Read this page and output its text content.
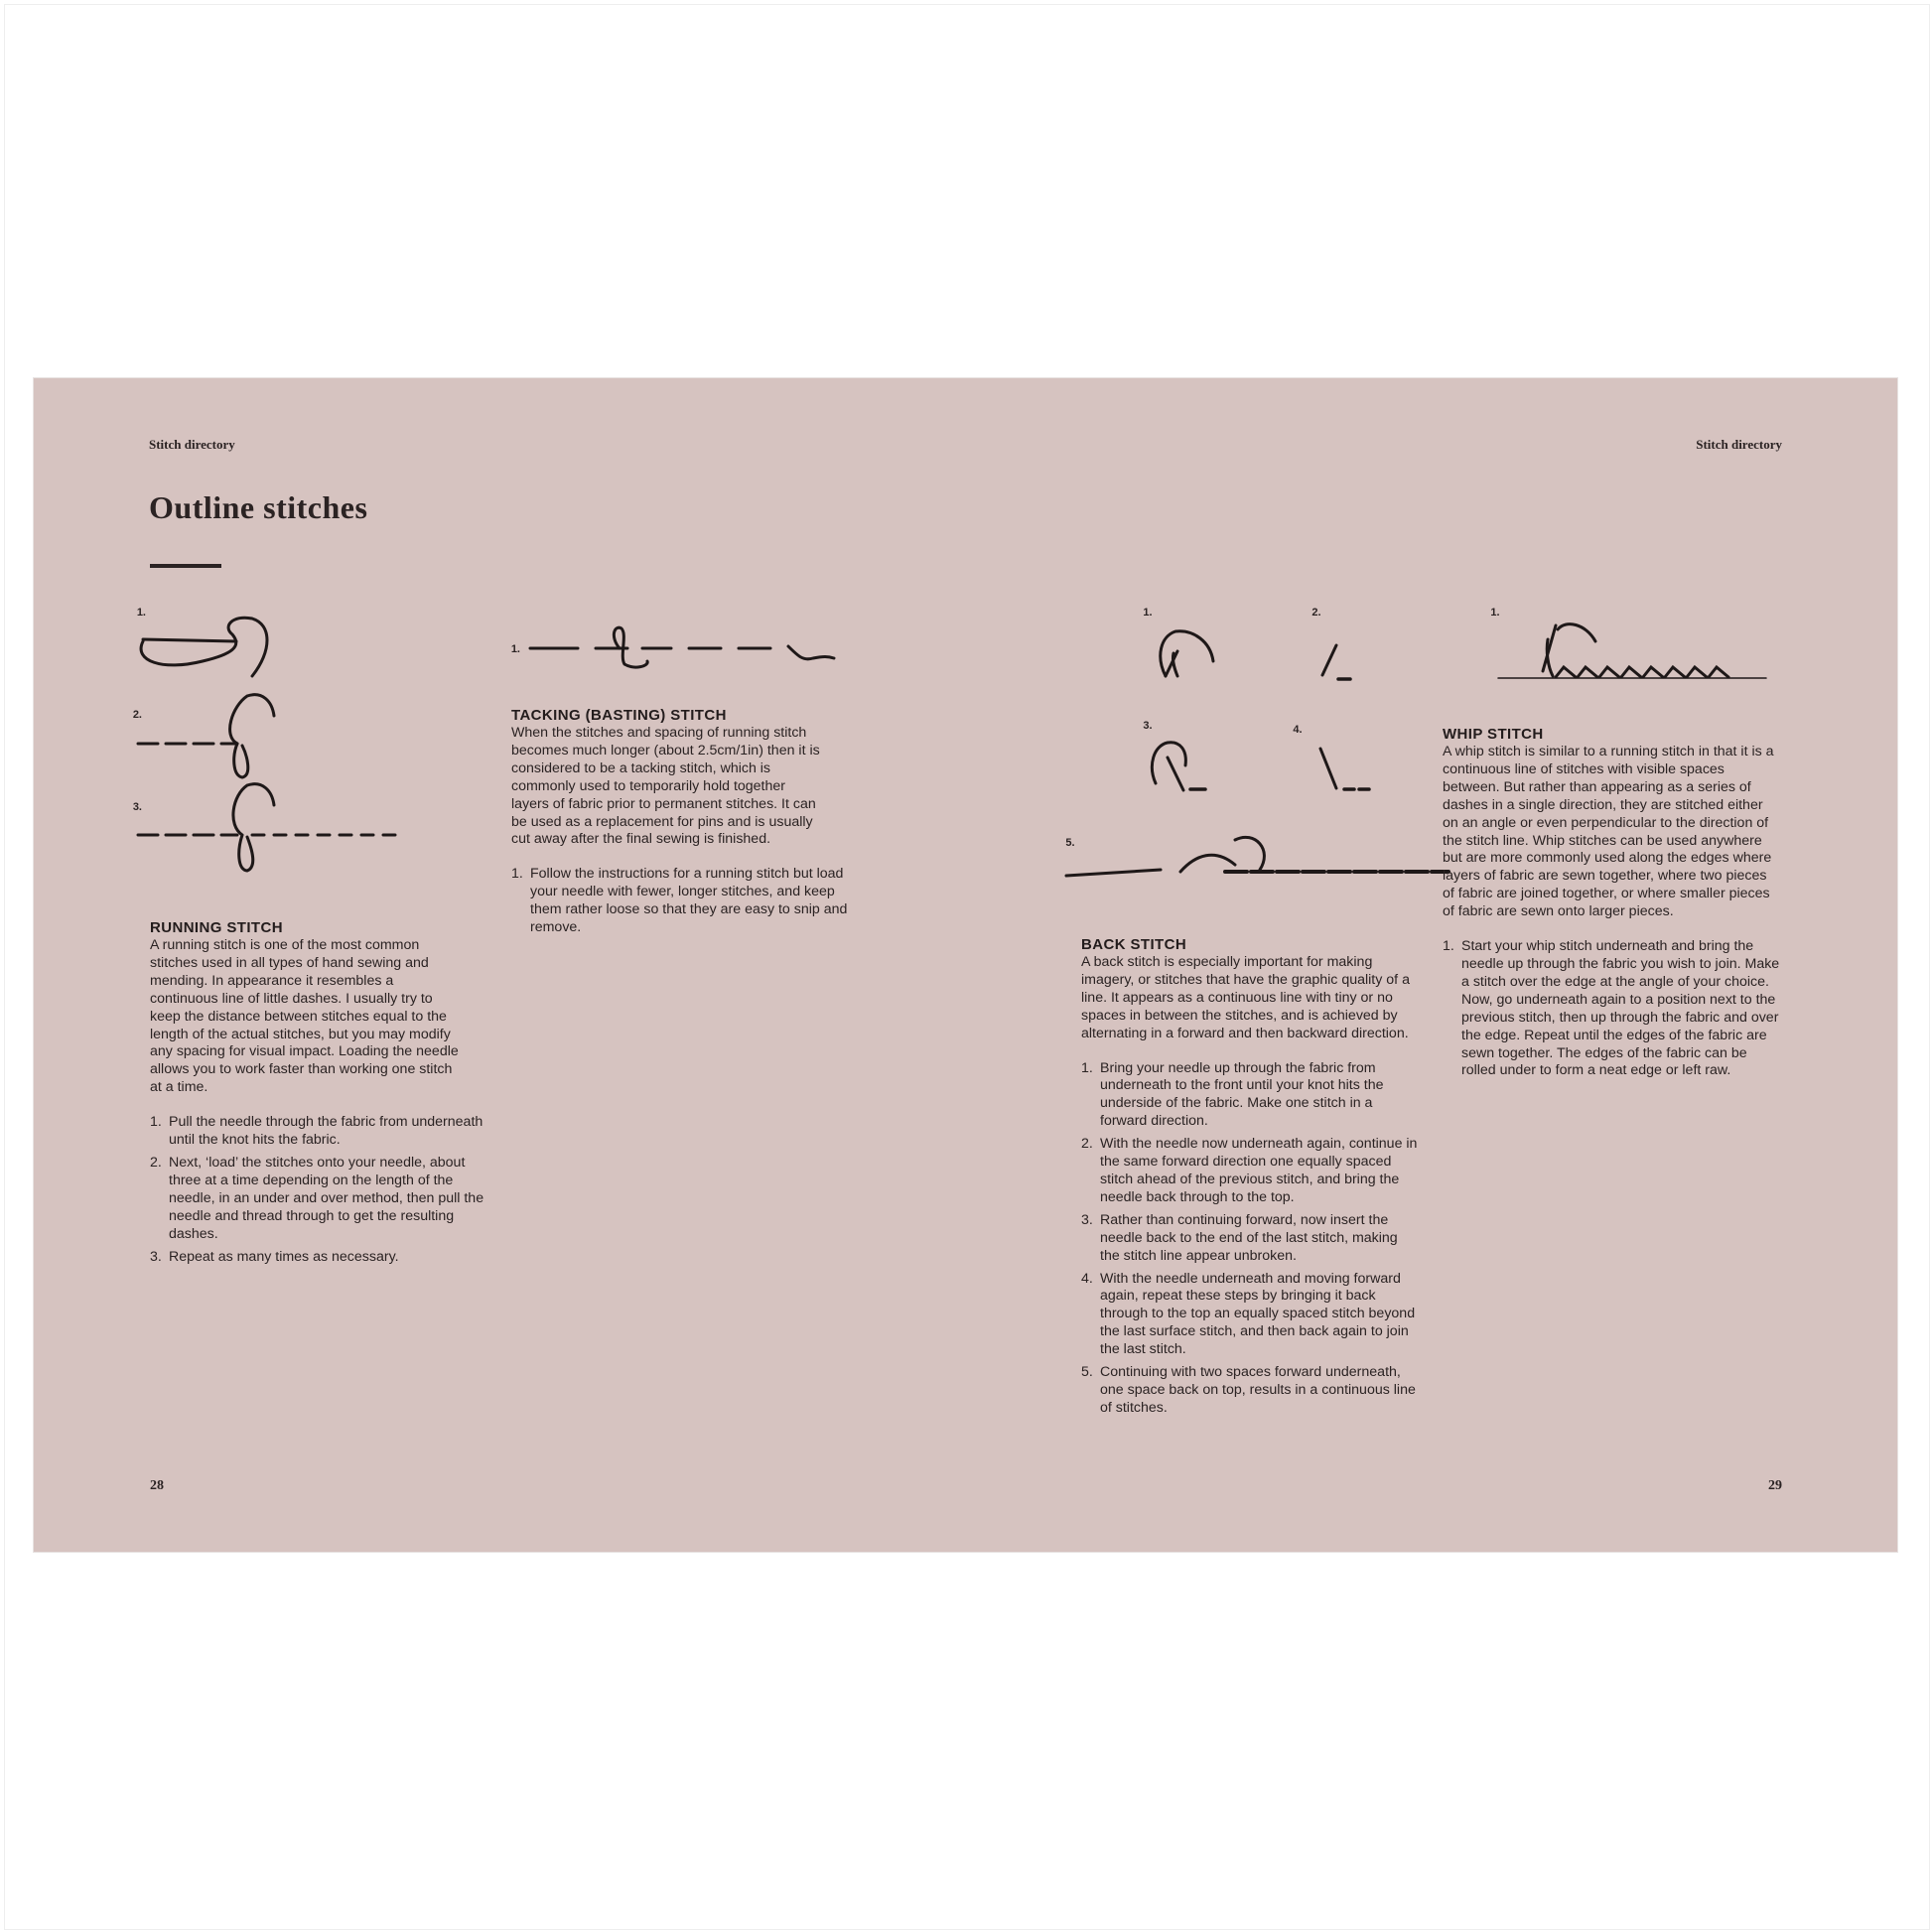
Stitch directory	Stitch directory
Outline stitches
1.
2.
3.
1.
1.	2.
3.	4.
5.
1.
RUNNING STITCH

A running stitch is one of the most common stitches used in all types of hand sewing and mending. In appearance it resembles a continuous line of little dashes. I usually try to keep the distance between stitches equal to the length of the actual stitches, but you may modify any spacing for visual impact. Loading the needle allows you to work faster than working one stitch at a time.

1. Pull the needle through the fabric from underneath until the knot hits the fabric.
2. Next, ‘load’ the stitches onto your needle, about three at a time depending on the length of the needle, in an under and over method, then pull the needle and thread through to get the resulting dashes.
3. Repeat as many times as necessary.
TACKING (BASTING) STITCH

When the stitches and spacing of running stitch becomes much longer (about 2.5cm/1in) then it is considered to be a tacking stitch, which is commonly used to temporarily hold together layers of fabric prior to permanent stitches. It can be used as a replacement for pins and is usually cut away after the final sewing is finished.

1. Follow the instructions for a running stitch but load your needle with fewer, longer stitches, and keep them rather loose so that they are easy to snip and remove.
BACK STITCH

A back stitch is especially important for making imagery, or stitches that have the graphic quality of a line. It appears as a continuous line with tiny or no spaces in between the stitches, and is achieved by alternating in a forward and then backward direction.

1. Bring your needle up through the fabric from underneath to the front until your knot hits the underside of the fabric. Make one stitch in a forward direction.
2. With the needle now underneath again, continue in the same forward direction one equally spaced stitch ahead of the previous stitch, and bring the needle back through to the top.
3. Rather than continuing forward, now insert the needle back to the end of the last stitch, making the stitch line appear unbroken.
4. With the needle underneath and moving forward again, repeat these steps by bringing it back through to the top an equally spaced stitch beyond the last surface stitch, and then back again to join the last stitch.
5. Continuing with two spaces forward underneath, one space back on top, results in a continuous line of stitches.
WHIP STITCH

A whip stitch is similar to a running stitch in that it is a continuous line of stitches with visible spaces between. But rather than appearing as a series of dashes in a single direction, they are stitched either on an angle or even perpendicular to the direction of the stitch line. Whip stitches can be used anywhere but are more commonly used along the edges where layers of fabric are sewn together, where two pieces of fabric are joined together, or where smaller pieces of fabric are sewn onto larger pieces.

1. Start your whip stitch underneath and bring the needle up through the fabric you wish to join. Make a stitch over the edge at the angle of your choice. Now, go underneath again to a position next to the previous stitch, then up through the fabric and over the edge. Repeat until the edges of the fabric are sewn together. The edges of the fabric can be rolled under to form a neat edge or left raw.
28	29
